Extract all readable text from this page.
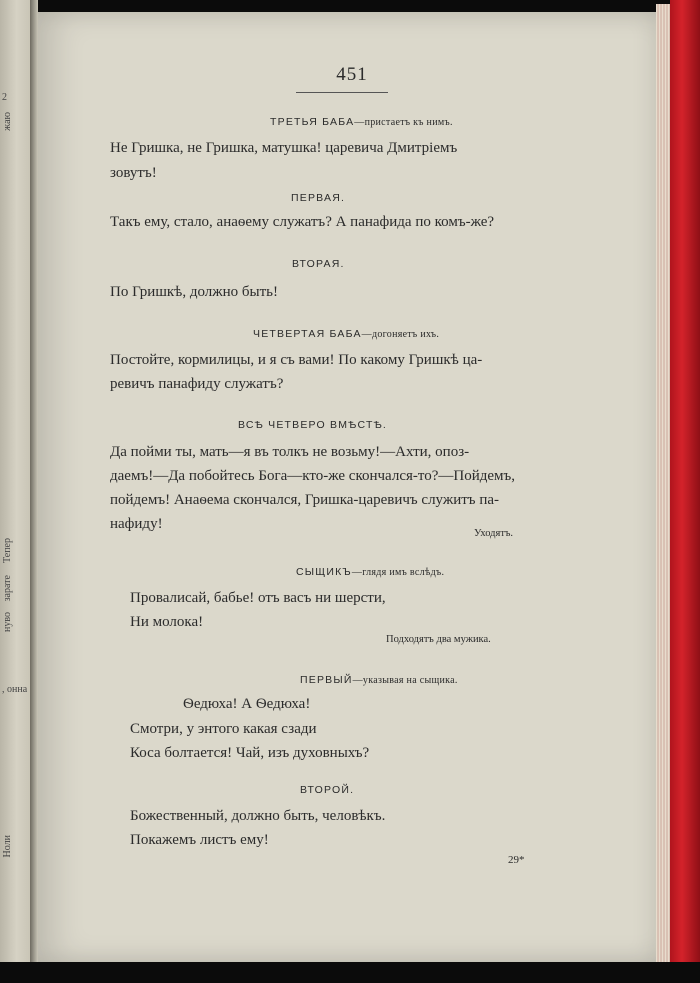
2
жаю
Тепер
зарате
нуво
, онна
Ноли
451
ТРЕТЬЯ БАБА—пристаетъ къ нимъ.
Не Гришка, не Гришка, матушка! царевича Дмитріемъ
зовутъ!
ПЕРВАЯ.
Такъ ему, стало, анаѳему служатъ? А панафида по комъ-же?
ВТОРАЯ.
По Гришкѣ, должно быть!
ЧЕТВЕРТАЯ БАБА—догоняетъ ихъ.
Постойте, кормилицы, и я съ вами! По какому Гришкѣ ца-
ревичъ панафиду служатъ?
ВСѢ ЧЕТВЕРО ВМѢСТѢ.
Да пойми ты, мать—я въ толкъ не возьму!—Ахти, опоз-
даемъ!—Да побойтесь Бога—кто-же скончался-то?—Пойдемъ,
пойдемъ! Анаѳема скончался, Гришка-царевичъ служитъ па-
нафиду!
Уходятъ.
СЫЩИКЪ—глядя имъ вслѣдъ.
Провалиcай, бабье! отъ васъ ни шерсти,
Ни молока!
Подходятъ два мужика.
ПЕРВЫЙ—указывая на сыщика.
Ѳедюха! А Ѳедюха!
Смотри, у энтого какая сзади
Коса болтается! Чай, изъ духовныхъ?
ВТОРОЙ.
Божественный, должно быть, человѣкъ.
Покажемъ листъ ему!
29*
